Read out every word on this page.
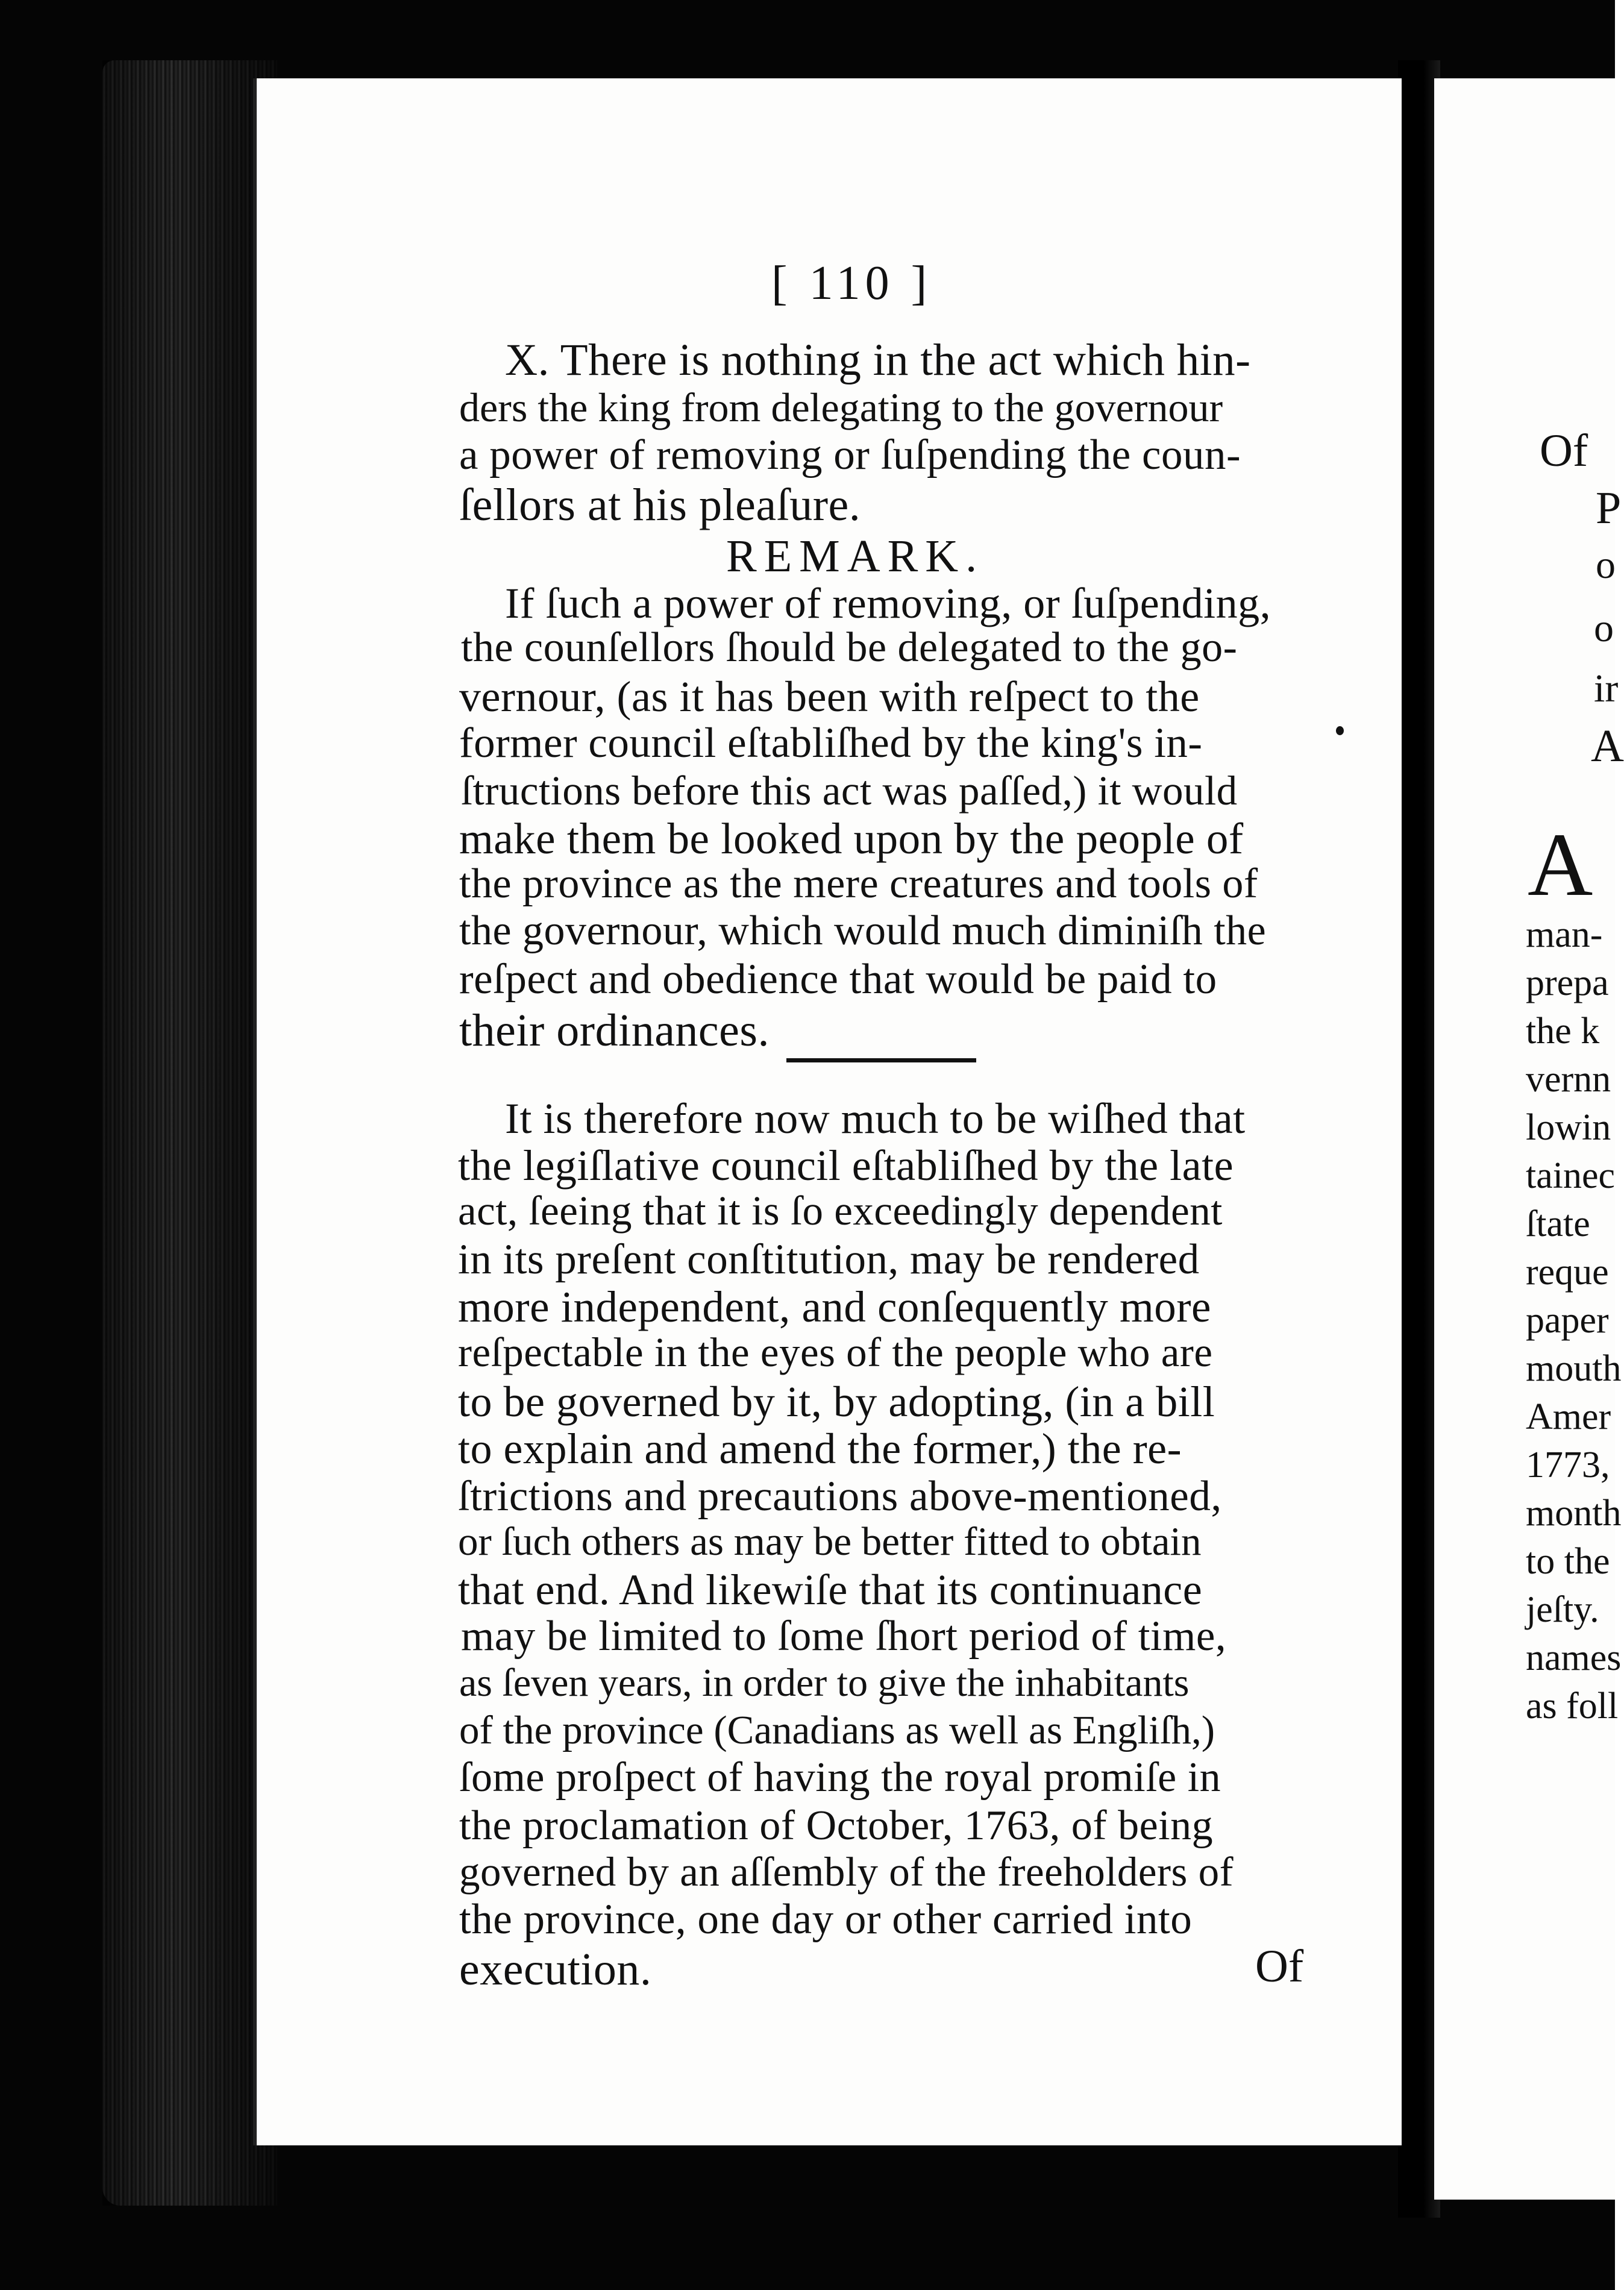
[ 110 ]
X. There is nothing in the act which hin-
ders the king from delegating to the governour
a power of removing or ſuſpending the coun-
ſellors at his pleaſure.
REMARK.
If ſuch a power of removing, or ſuſpending,
the counſellors ſhould be delegated to the go-
vernour, (as it has been with reſpect to the
former council eſtabliſhed by the king's in-
ſtructions before this act was paſſed,) it would
make them be looked upon by the people of
the province as the mere creatures and tools of
the governour, which would much diminiſh the
reſpect and obedience that would be paid to
their ordinances.
It is therefore now much to be wiſhed that
the legiſlative council eſtabliſhed by the late
act, ſeeing that it is ſo exceedingly dependent
in its preſent conſtitution, may be rendered
more independent, and conſequently more
reſpectable in the eyes of the people who are
to be governed by it, by adopting, (in a bill
to explain and amend the former,) the re-
ſtrictions and precautions above-mentioned,
or ſuch others as may be better fitted to obtain
that end. And likewiſe that its continuance
may be limited to ſome ſhort period of time,
as ſeven years, in order to give the inhabitants
of the province (Canadians as well as Engliſh,)
ſome proſpect of having the royal promiſe in
the proclamation of October, 1763, of being
governed by an aſſembly of the freeholders of
the province, one day or other carried into
execution.	Of
Of
P
o
o
ir
A
A
man-
prepa
the k
vernn
lowin
tainec
ſtate
reque
paper
mouth
Amer
1773,
month
to the
jeſty.
names
as foll
